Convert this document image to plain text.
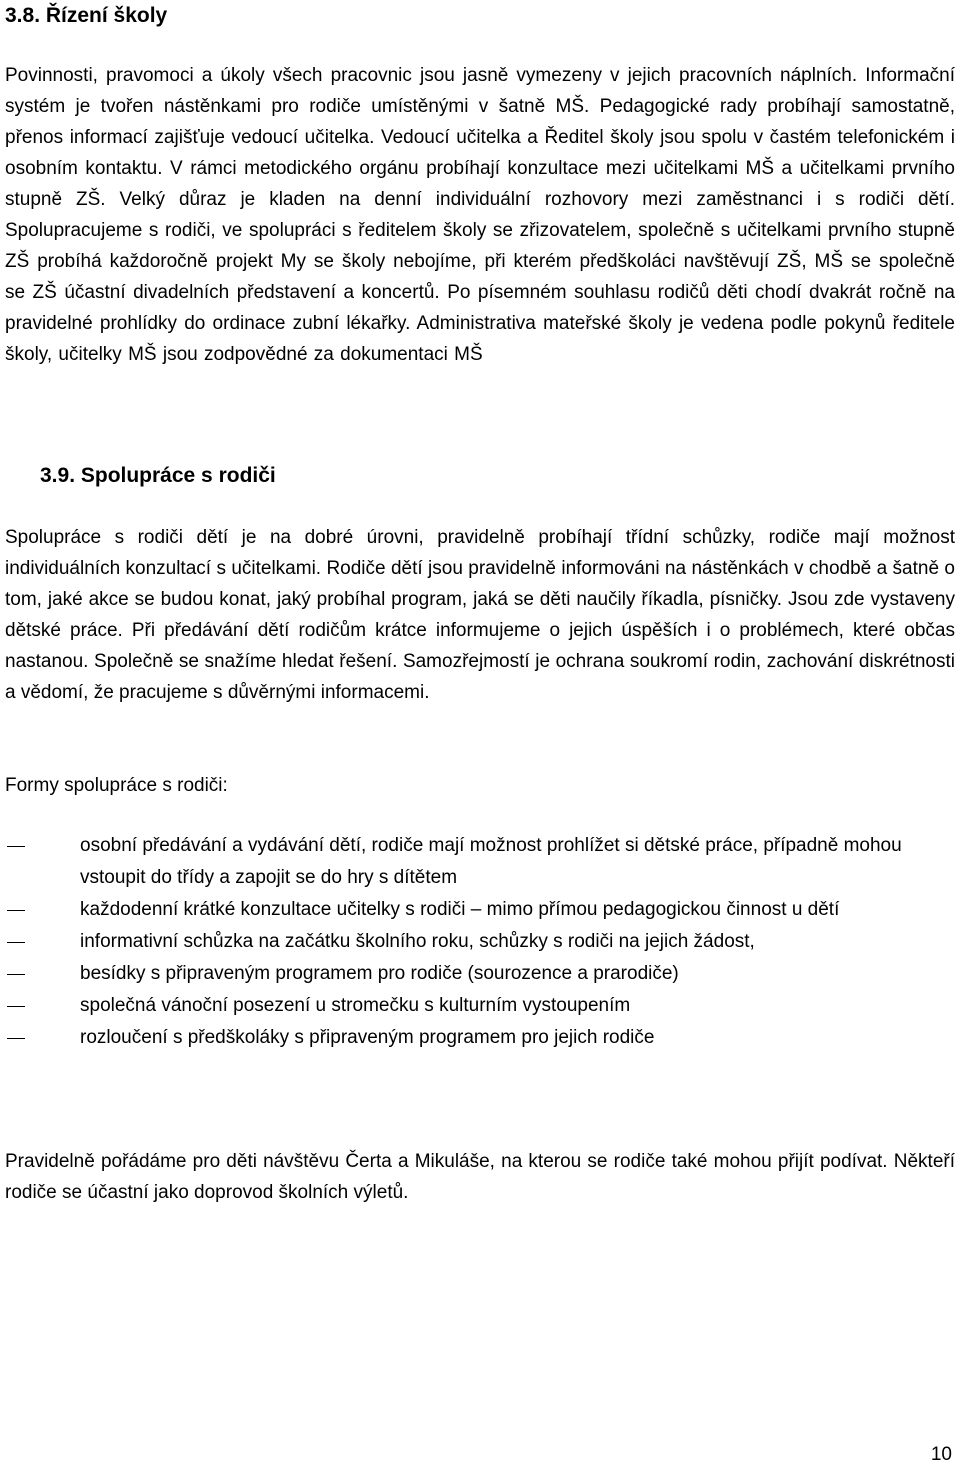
3.8. Řízení školy

Povinnosti, pravomoci a úkoly všech pracovnic jsou jasně vymezeny v jejich pracovních náplních. Informační systém je tvořen nástěnkami pro rodiče umístěnými v šatně MŠ. Pedagogické rady probíhají samostatně, přenos informací zajišťuje vedoucí učitelka. Vedoucí učitelka a Ředitel školy jsou spolu v častém telefonickém i osobním kontaktu. V rámci metodického orgánu probíhají konzultace mezi učitelkami MŠ a učitelkami prvního stupně ZŠ. Velký důraz je kladen na denní individuální rozhovory mezi zaměstnanci i s rodiči dětí. Spolupracujeme s rodiči, ve spolupráci s ředitelem školy se zřizovatelem, společně s učitelkami prvního stupně ZŠ probíhá každoročně projekt My se školy nebojíme, při kterém předškoláci navštěvují ZŠ, MŠ se společně se ZŠ účastní divadelních představení a koncertů. Po písemném souhlasu rodičů děti chodí dvakrát ročně na pravidelné prohlídky do ordinace zubní lékařky. Administrativa mateřské školy je vedena podle pokynů ředitele školy, učitelky MŠ jsou zodpovědné za dokumentaci MŠ

3.9. Spolupráce s rodiči

Spolupráce s rodiči dětí je na dobré úrovni, pravidelně probíhají třídní schůzky, rodiče mají možnost individuálních konzultací s učitelkami. Rodiče dětí jsou pravidelně informováni na nástěnkách v chodbě a šatně o tom, jaké akce se budou konat, jaký probíhal program, jaká se děti naučily říkadla, písničky. Jsou zde vystaveny dětské práce. Při předávání dětí rodičům krátce informujeme o jejich úspěších i o problémech, které občas nastanou. Společně se snažíme hledat řešení. Samozřejmostí je ochrana soukromí rodin, zachování diskrétnosti a vědomí, že pracujeme s důvěrnými informacemi.

Formy spolupráce s rodiči:

osobní předávání a vydávání dětí, rodiče mají možnost prohlížet si dětské práce, případně mohou vstoupit do třídy a zapojit se do hry s dítětem
každodenní krátké konzultace učitelky s rodiči – mimo přímou pedagogickou činnost u dětí
informativní schůzka na začátku školního roku, schůzky s rodiči na jejich žádost,
besídky s připraveným programem pro rodiče (sourozence a prarodiče)
společná vánoční posezení u stromečku s kulturním vystoupením
rozloučení s předškoláky s připraveným programem pro jejich rodiče

Pravidelně pořádáme pro děti návštěvu Čerta a Mikuláše, na kterou se rodiče také mohou přijít podívat. Někteří rodiče se účastní jako doprovod školních výletů.

10
